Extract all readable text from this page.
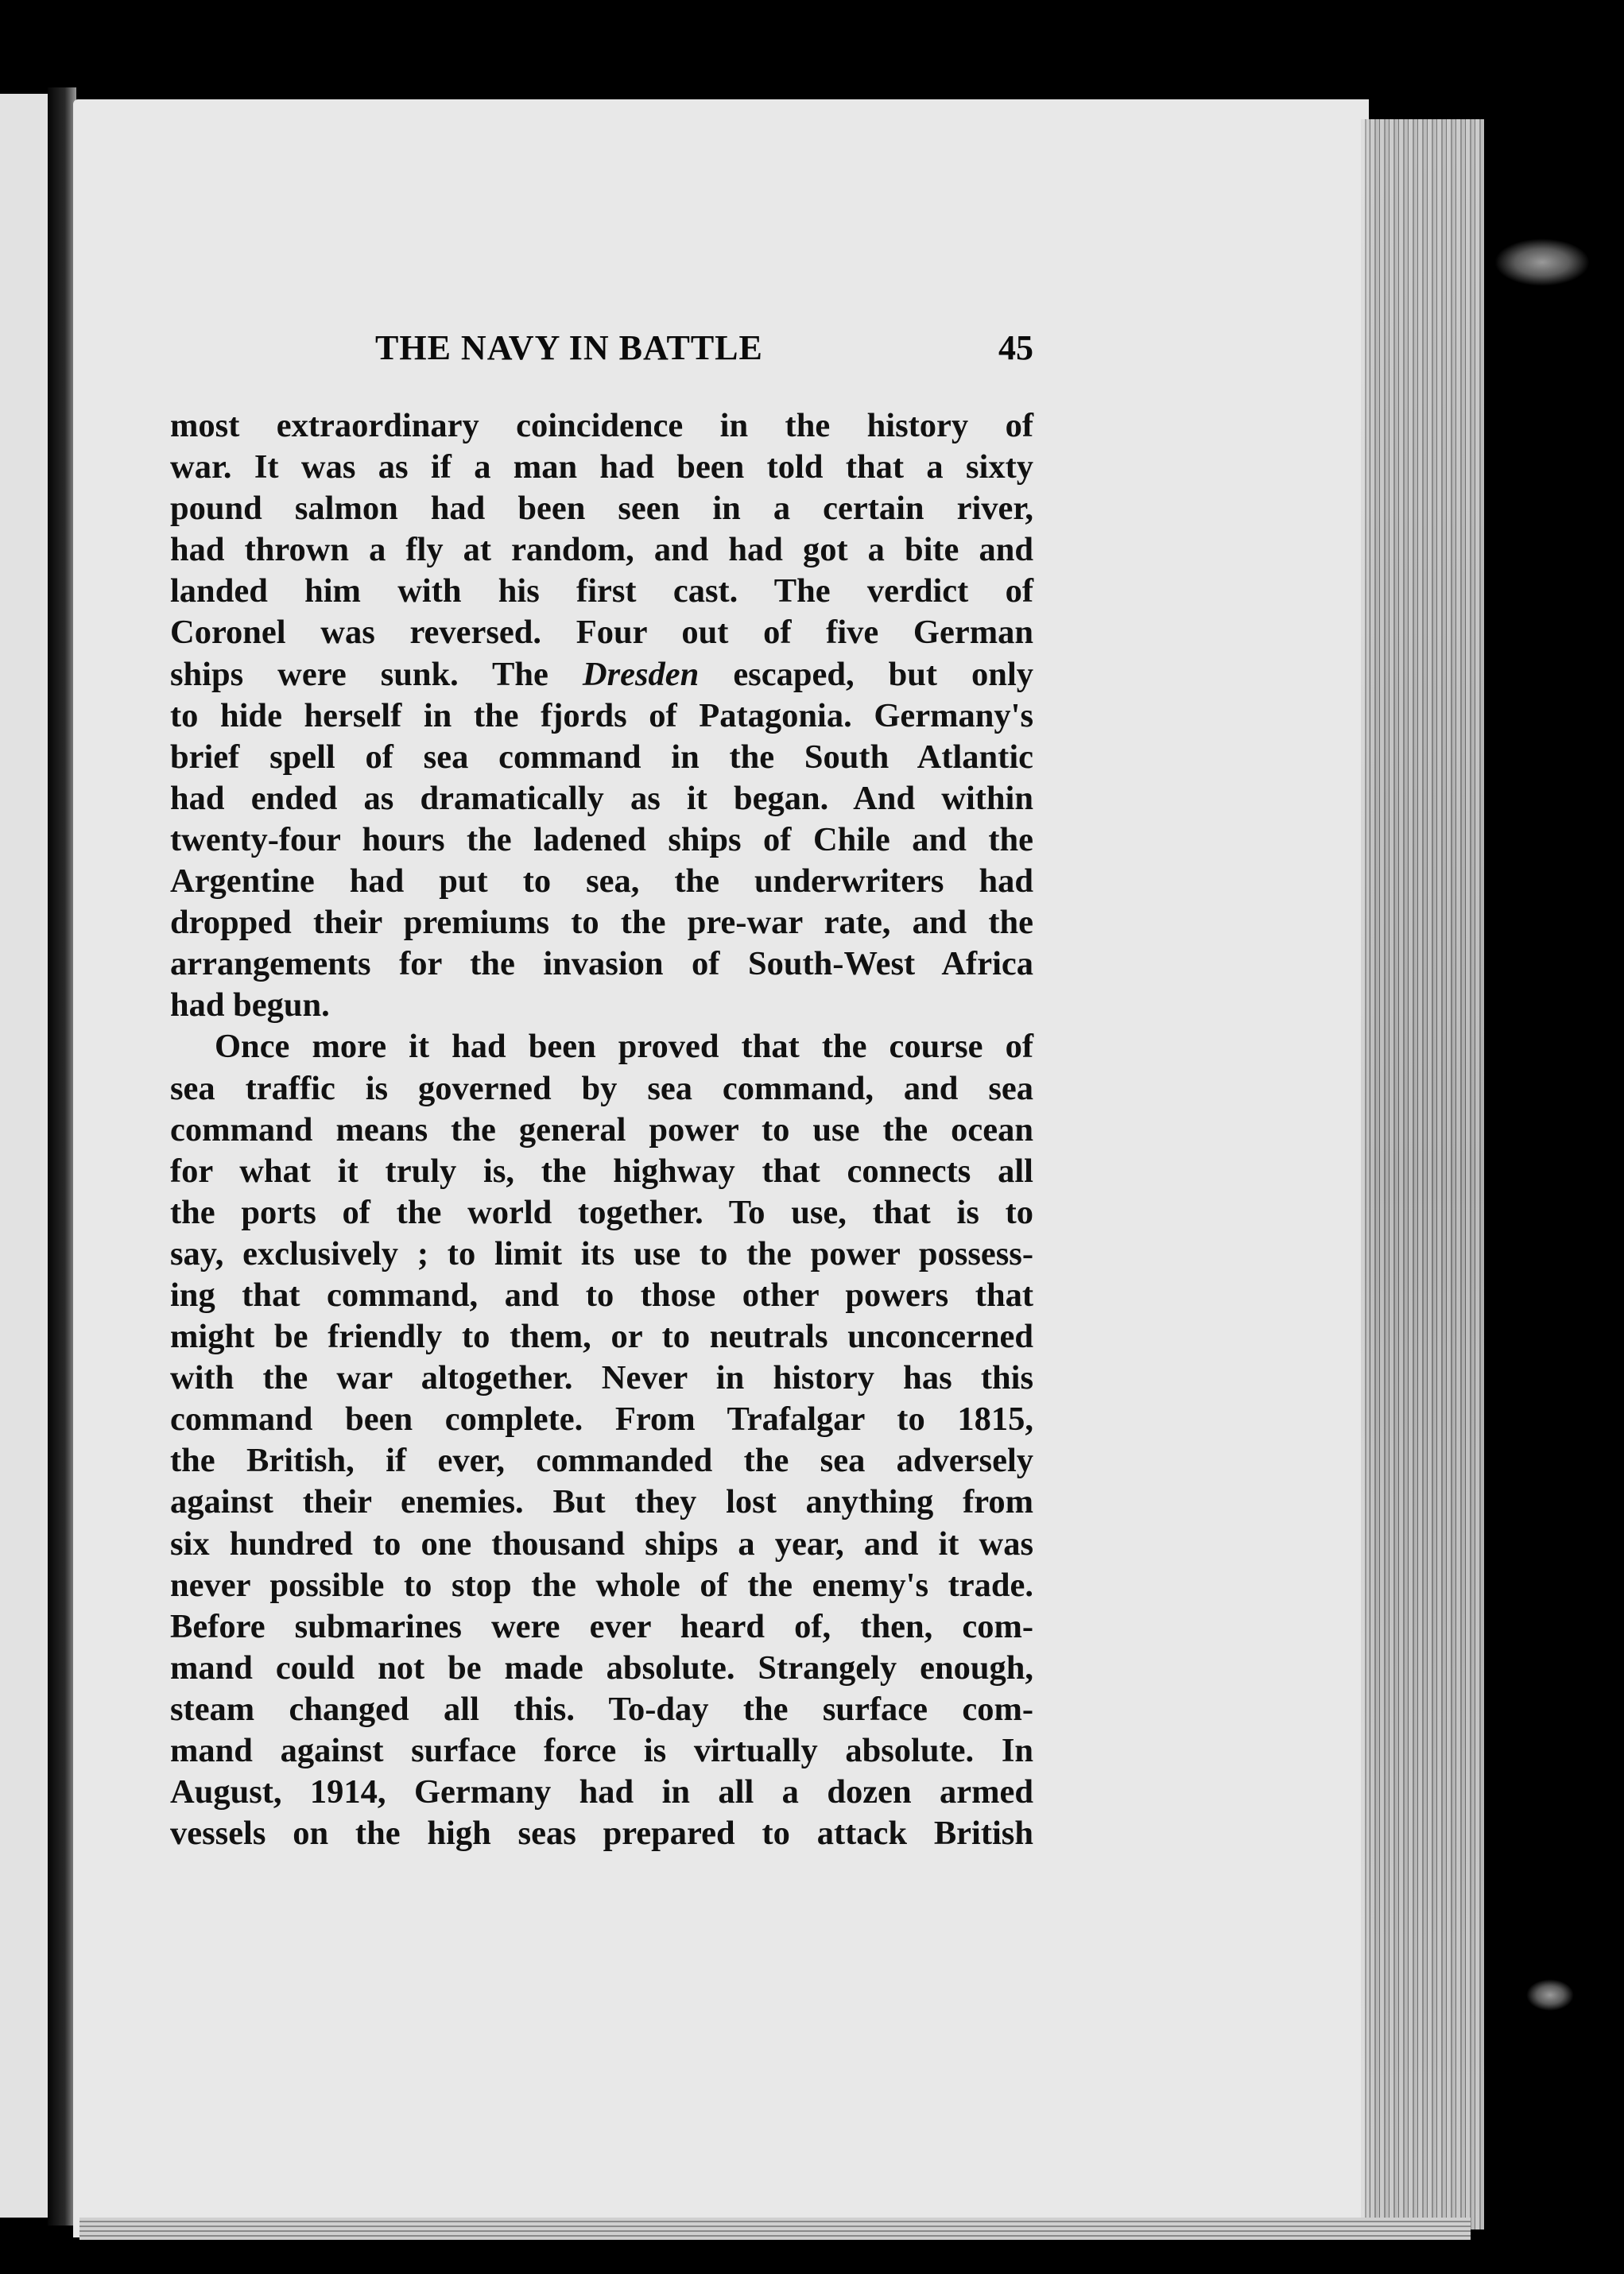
THE NAVY IN BATTLE	45
most extraordinary coincidence in the history of
war. It was as if a man had been told that a sixty
pound salmon had been seen in a certain river,
had thrown a fly at random, and had got a bite and
landed him with his first cast. The verdict of
Coronel was reversed. Four out of five German
ships were sunk. The Dresden escaped, but only
to hide herself in the fjords of Patagonia. Germany's
brief spell of sea command in the South Atlantic
had ended as dramatically as it began. And within
twenty-four hours the ladened ships of Chile and the
Argentine had put to sea, the underwriters had
dropped their premiums to the pre-war rate, and the
arrangements for the invasion of South-West Africa
had begun.
Once more it had been proved that the course of
sea traffic is governed by sea command, and sea
command means the general power to use the ocean
for what it truly is, the highway that connects all
the ports of the world together. To use, that is to
say, exclusively ; to limit its use to the power possess-
ing that command, and to those other powers that
might be friendly to them, or to neutrals unconcerned
with the war altogether. Never in history has this
command been complete. From Trafalgar to 1815,
the British, if ever, commanded the sea adversely
against their enemies. But they lost anything from
six hundred to one thousand ships a year, and it was
never possible to stop the whole of the enemy's trade.
Before submarines were ever heard of, then, com-
mand could not be made absolute. Strangely enough,
steam changed all this. To-day the surface com-
mand against surface force is virtually absolute. In
August, 1914, Germany had in all a dozen armed
vessels on the high seas prepared to attack British
